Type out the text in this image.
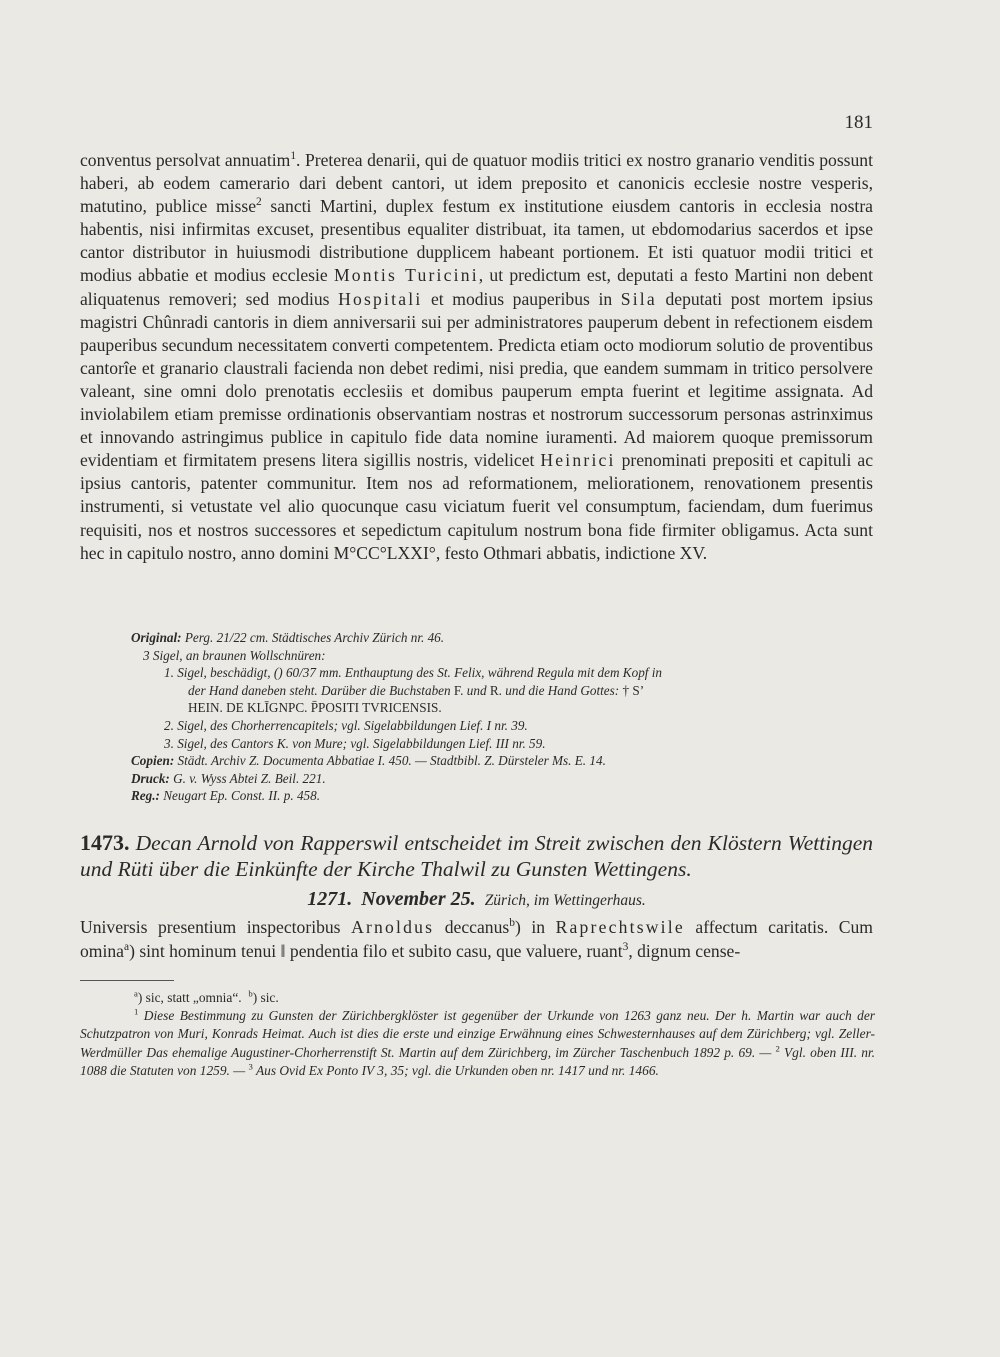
181

conventus persolvat annuatim$^1$. Preterea denarii, qui de quatuor modiis tritici ex nostro granario venditis possunt haberi, ab eodem camerario dari debent cantori, ut idem preposito et canonicis ecclesie nostre vesperis, matutino, publice misse$^2$ sancti Martini, duplex festum ex institutione eiusdem cantoris in ecclesia nostra habentis, nisi infirmitas excuset, presentibus equaliter distribuat, ita tamen, ut ebdomodarius sacerdos et ipse cantor distributor in huiusmodi distributione dupplicem habeant portionem. Et isti quatuor modii tritici et modius abbatie et modius ecclesie Montis Turicini, ut predictum est, deputati a festo Martini non debent aliquatenus removeri; sed modius Hospitali et modius pauperibus in Sila deputati post mortem ipsius magistri Chûnradi cantoris in diem anniversarii sui per administratores pauperum debent in refectionem eisdem pauperibus secundum necessitatem converti competentem. Predicta etiam octo modiorum solutio de proventibus cantorîe et granario claustrali facienda non debet redimi, nisi predia, que eandem summam in tritico persolvere valeant, sine omni dolo prenotatis ecclesiis et domibus pauperum empta fuerint et legitime assignata. Ad inviolabilem etiam premisse ordinationis observantiam nostras et nostrorum successorum personas astrinximus et innovando astringimus publice in capitulo fide data nomine iuramenti. Ad maiorem quoque premissorum evidentiam et firmitatem presens litera sigillis nostris, videlicet Heinrici prenominati prepositi et capituli ac ipsius cantoris, patenter communitur. Item nos ad reformationem, meliorationem, renovationem presentis instrumenti, si vetustate vel alio quocunque casu viciatum fuerit vel consumptum, faciendam, dum fuerimus requisiti, nos et nostros successores et sepedictum capitulum nostrum bona fide firmiter obligamus. Acta sunt hec in capitulo nostro, anno domini M°CC°LXXI°, festo Othmari abbatis, indictione XV.

Original: Perg. 21/22 cm. Städtisches Archiv Zürich nr. 46.
3 Sigel, an braunen Wollschnüren:
1. Sigel, beschädigt, () 60/37 mm. Enthauptung des St. Felix, während Regula mit dem Kopf in
der Hand daneben steht. Darüber die Buchstaben F. und R. und die Hand Gottes: † S’
HEIN. DE KLĪGNPC. P̄POSITI TVRICENSIS.
2. Sigel, des Chorherrencapitels; vgl. Sigelabbildungen Lief. I nr. 39.
3. Sigel, des Cantors K. von Mure; vgl. Sigelabbildungen Lief. III nr. 59.
Copien: Städt. Archiv Z. Documenta Abbatiae I. 450. — Stadtbibl. Z. Dürsteler Ms. E. 14.
Druck: G. v. Wyss Abtei Z. Beil. 221.
Reg.: Neugart Ep. Const. II. p. 458.
1473. Decan Arnold von Rapperswil entscheidet im Streit zwischen den Klöstern Wettingen und Rüti über die Einkünfte der Kirche Thalwil zu Gunsten Wettingens.
1271. November 25. Zürich, im Wettingerhaus.
Universis presentium inspectoribus Arnoldus deccanus$^b$) in Raprechtswile affectum caritatis. Cum omina$^a$) sint hominum tenui ‖ pendentia filo et subito casu, que valuere, ruant$^3$, dignum cense-
$^a$) sic, statt „omnia“. $^b$) sic.
$^1$ Diese Bestimmung zu Gunsten der Zürichbergklöster ist gegenüber der Urkunde von 1263 ganz neu. Der h. Martin war auch der Schutzpatron von Muri, Konrads Heimat. Auch ist dies die erste und einzige Erwähnung eines Schwesternhauses auf dem Zürichberg; vgl. Zeller-Werdmüller Das ehemalige Augustiner-Chorherrenstift St. Martin auf dem Zürichberg, im Zürcher Taschenbuch 1892 p. 69. — $^2$ Vgl. oben III. nr. 1088 die Statuten von 1259. — $^3$ Aus Ovid Ex Ponto IV 3, 35; vgl. die Urkunden oben nr. 1417 und nr. 1466.
